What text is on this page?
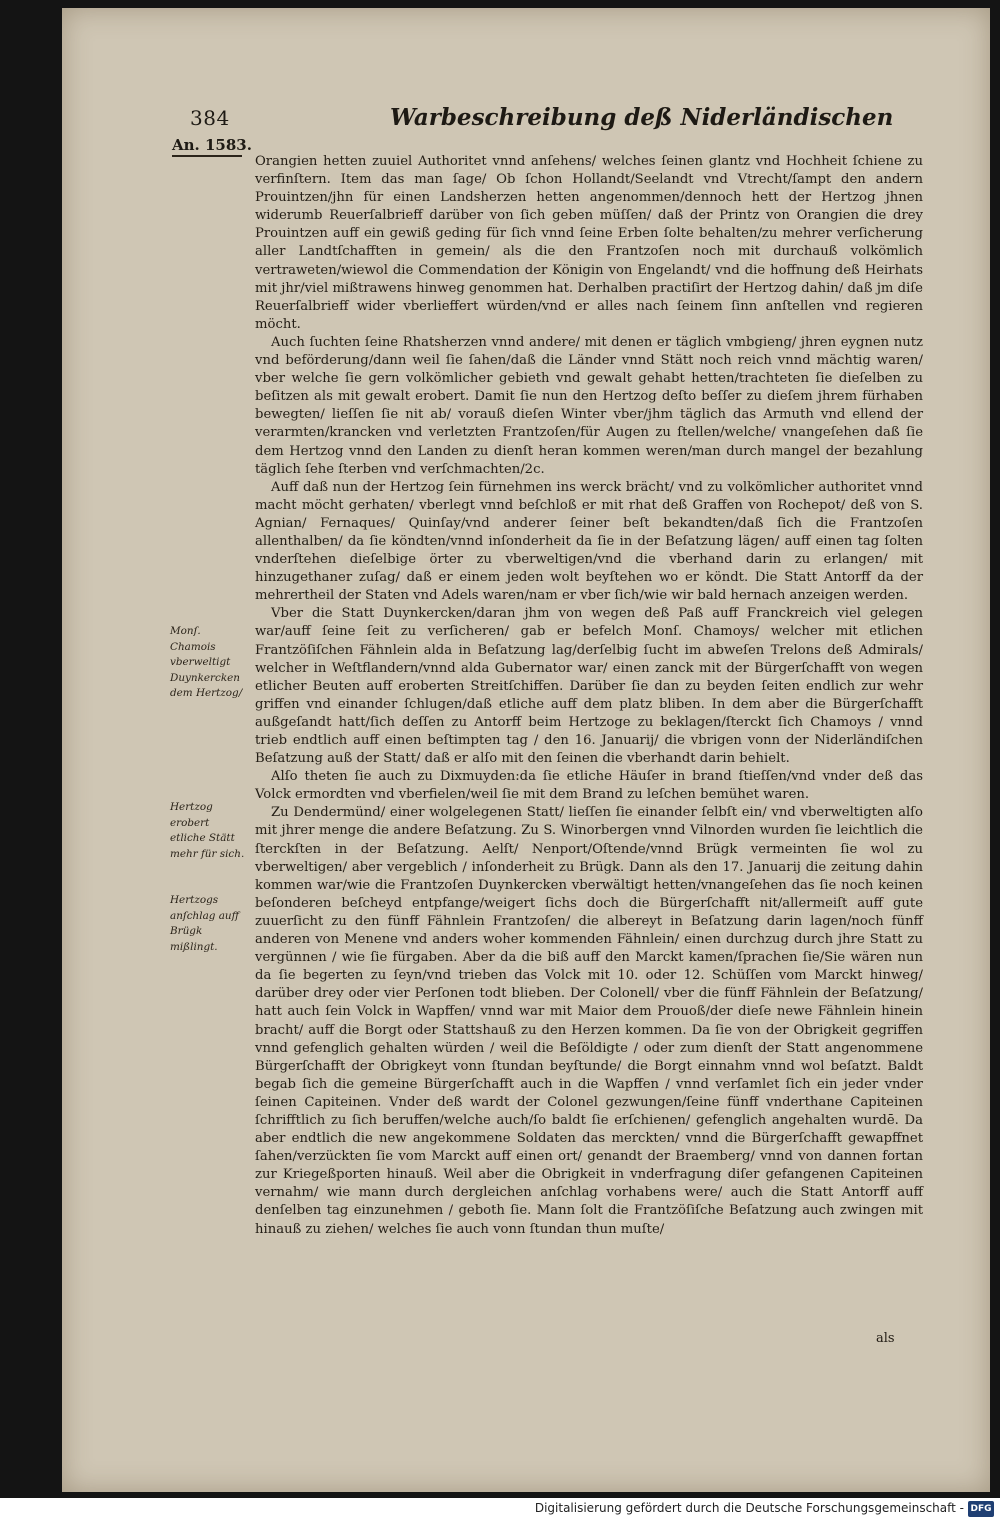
384	Warbeschreibung deß Niderländischen
An. 1583.
Monſ. Chamois vberweltigt Duynkercken dem Hertzog/
Hertzog erobert etliche Stätt mehr für sich.
Hertzogs anſchlag auff Brügk mißlingt.

Orangien hetten zuuiel Authoritet vnnd anſehens/ welches ſeinen glantz vnd Hochheit ſchiene zu verfinſtern. Item das man ſage/ Ob ſchon Hollandt/Seelandt vnd Vtrecht/ſampt den andern Prouintzen/jhn für einen Landsherzen hetten angenommen/dennoch hett der Hertzog jhnen widerumb Reuerſalbrieff darüber von ſich geben müſſen/ daß der Printz von Orangien die drey Prouintzen auff ein gewiß geding für ſich vnnd ſeine Erben ſolte behalten/zu mehrer verſicherung aller Landtſchafften in gemein/ als die den Frantzoſen noch mit durchauß volkömlich vertraweten/wiewol die Commendation der Königin von Engelandt/ vnd die hoffnung deß Heirhats mit jhr/viel mißtrawens hinweg genommen hat. Derhalben practiſirt der Hertzog dahin/ daß jm diſe Reuerſalbrieff wider vberlieffert würden/vnd er alles nach ſeinem ſinn anſtellen vnd regieren möcht.

Auch ſuchten ſeine Rhatsherzen vnnd andere/ mit denen er täglich vmbgieng/ jhren eygnen nutz vnd beförderung/dann weil ſie ſahen/daß die Länder vnnd Stätt noch reich vnnd mächtig waren/ vber welche ſie gern volkömlicher gebieth vnd gewalt gehabt hetten/trachteten ſie dieſelben zu beſitzen als mit gewalt erobert. Damit ſie nun den Hertzog deſto beſſer zu dieſem jhrem fürhaben bewegten/ lieſſen ſie nit ab/ vorauß dieſen Winter vber/jhm täglich das Armuth vnd ellend der verarmten/krancken vnd verletzten Frantzoſen/für Augen zu ſtellen/welche/ vnangeſehen daß ſie dem Hertzog vnnd den Landen zu dienſt heran kommen weren/man durch mangel der bezahlung täglich ſehe ſterben vnd verſchmachten/2c.

Auff daß nun der Hertzog ſein fürnehmen ins werck brächt/ vnd zu volkömlicher authoritet vnnd macht möcht gerhaten/ vberlegt vnnd beſchloß er mit rhat deß Graffen von Rochepot/ deß von S. Agnian/ Fernaques/ Quinſay/vnd anderer ſeiner beſt bekandten/daß ſich die Frantzoſen allenthalben/ da ſie köndten/vnnd inſonderheit da ſie in der Beſatzung lägen/ auff einen tag ſolten vnderſtehen dieſelbige örter zu vberweltigen/vnd die vberhand darin zu erlangen/ mit hinzugethaner zuſag/ daß er einem jeden wolt beyſtehen wo er köndt. Die Statt Antorff da der mehrertheil der Staten vnd Adels waren/nam er vber ſich/wie wir bald hernach anzeigen werden.

Vber die Statt Duynkercken/daran jhm von wegen deß Paß auff Franckreich viel gelegen war/auff ſeine ſeit zu verſicheren/ gab er befelch Monſ. Chamoys/ welcher mit etlichen Frantzöſiſchen Fähnlein alda in Beſatzung lag/derſelbig ſucht im abweſen Trelons deß Admirals/ welcher in Weſtflandern/vnnd alda Gubernator war/ einen zanck mit der Bürgerſchafft von wegen etlicher Beuten auff eroberten Streitſchiffen. Darüber ſie dan zu beyden ſeiten endlich zur wehr griffen vnd einander ſchlugen/daß etliche auff dem platz bliben. In dem aber die Bürgerſchafft außgeſandt hatt/ſich deſſen zu Antorff beim Hertzoge zu beklagen/ſterckt ſich Chamoys / vnnd trieb endtlich auff einen beſtimpten tag / den 16. Januarij/ die vbrigen vonn der Niderländiſchen Beſatzung auß der Statt/ daß er alſo mit den ſeinen die vberhandt darin behielt.

Alſo theten ſie auch zu Dixmuyden:da ſie etliche Häuſer in brand ſtieſſen/vnd vnder deß das Volck ermordten vnd vberfielen/weil ſie mit dem Brand zu leſchen bemühet waren.

Zu Dendermünd/ einer wolgelegenen Statt/ lieſſen ſie einander ſelbſt ein/ vnd vberweltigten alſo mit jhrer menge die andere Beſatzung. Zu S. Winorbergen vnnd Vilnorden wurden ſie leichtlich die ſterckſten in der Beſatzung. Aelſt/ Nenport/Oſtende/vnnd Brügk vermeinten ſie wol zu vberweltigen/ aber vergeblich / inſonderheit zu Brügk. Dann als den 17. Januarij die zeitung dahin kommen war/wie die Frantzoſen Duynkercken vberwältigt hetten/vnangeſehen das ſie noch keinen beſonderen beſcheyd entpfange/weigert ſichs doch die Bürgerſchafft nit/allermeiſt auff gute zuuerſicht zu den fünff Fähnlein Frantzoſen/ die albereyt in Beſatzung darin lagen/noch fünff anderen von Menene vnd anders woher kommenden Fähnlein/ einen durchzug durch jhre Statt zu vergünnen / wie ſie fürgaben. Aber da die biß auff den Marckt kamen/ſprachen ſie/Sie wären nun da ſie begerten zu ſeyn/vnd trieben das Volck mit 10. oder 12. Schüſſen vom Marckt hinweg/ darüber drey oder vier Perſonen todt blieben. Der Colonell/ vber die fünff Fähnlein der Beſatzung/ hatt auch ſein Volck in Wapffen/ vnnd war mit Maior dem Prouoß/der dieſe newe Fähnlein hinein bracht/ auff die Borgt oder Stattshauß zu den Herzen kommen. Da ſie von der Obrigkeit gegriffen vnnd gefenglich gehalten würden / weil die Beſöldigte / oder zum dienſt der Statt angenommene Bürgerſchafft der Obrigkeyt vonn ſtundan beyſtunde/ die Borgt einnahm vnnd wol beſatzt. Baldt begab ſich die gemeine Bürgerſchafft auch in die Wapffen / vnnd verſamlet ſich ein jeder vnder ſeinen Capiteinen. Vnder deß wardt der Colonel gezwungen/ſeine fünff vnderthane Capiteinen ſchrifftlich zu ſich beruffen/welche auch/ſo baldt ſie erſchienen/ gefenglich angehalten wurdē. Da aber endtlich die new angekommene Soldaten das merckten/ vnnd die Bürgerſchafft gewapffnet ſahen/verzückten ſie vom Marckt auff einen ort/ genandt der Braemberg/ vnnd von dannen fortan zur Kriegeßporten hinauß. Weil aber die Obrigkeit in vnderfragung diſer gefangenen Capiteinen vernahm/ wie mann durch dergleichen anſchlag vorhabens were/ auch die Statt Antorff auff denſelben tag einzunehmen / geboth ſie. Mann ſolt die Frantzöſiſche Beſatzung auch zwingen mit hinauß zu ziehen/ welches ſie auch vonn ſtundan thun muſte/

als
Digitalisierung gefördert durch die Deutsche Forschungsgemeinschaft - DFG
